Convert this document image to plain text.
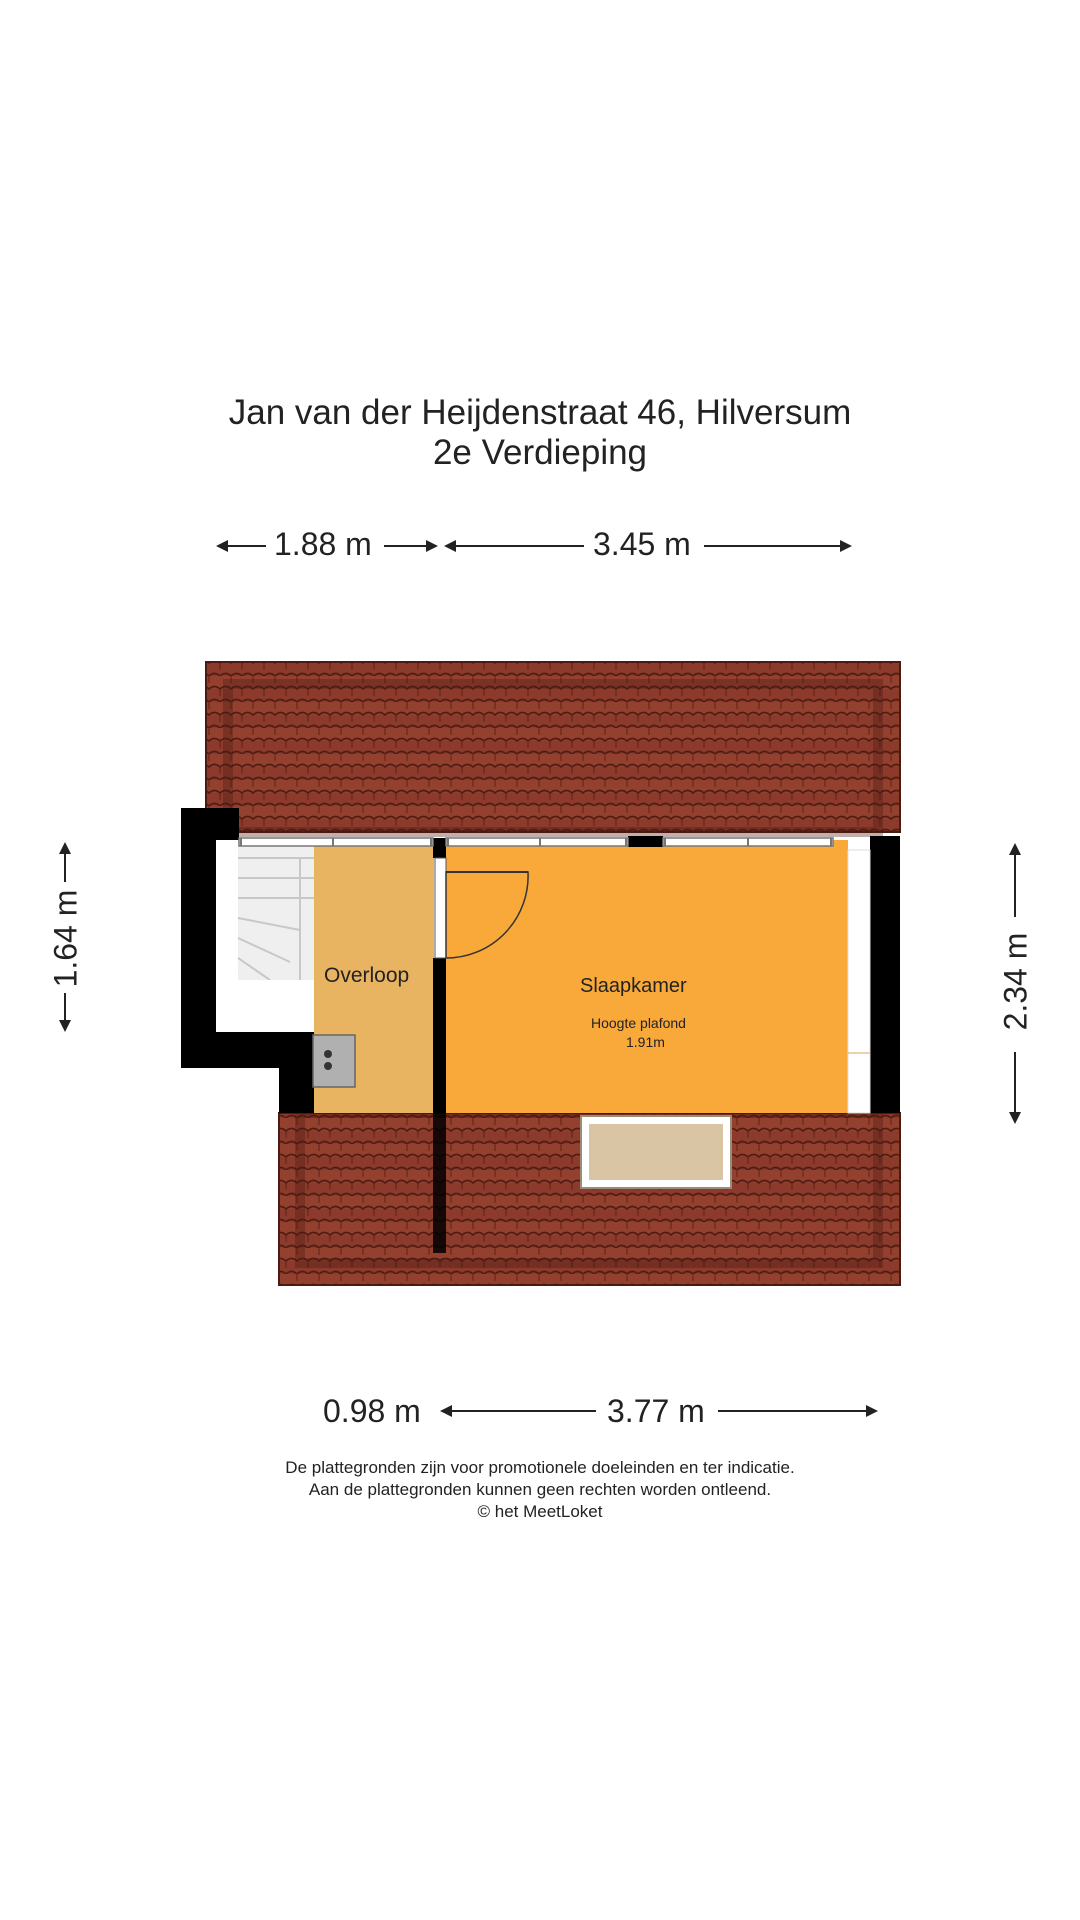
Jan van der Heijdenstraat 46, Hilversum
2e Verdieping
1.88 m	3.45 m
1.64 m	2.34 m
Overloop	Slaapkamer
Hoogte plafond
1.91m
0.98 m	3.77 m
De plattegronden zijn voor promotionele doeleinden en ter indicatie.
Aan de plattegronden kunnen geen rechten worden ontleend.
© het MeetLoket
